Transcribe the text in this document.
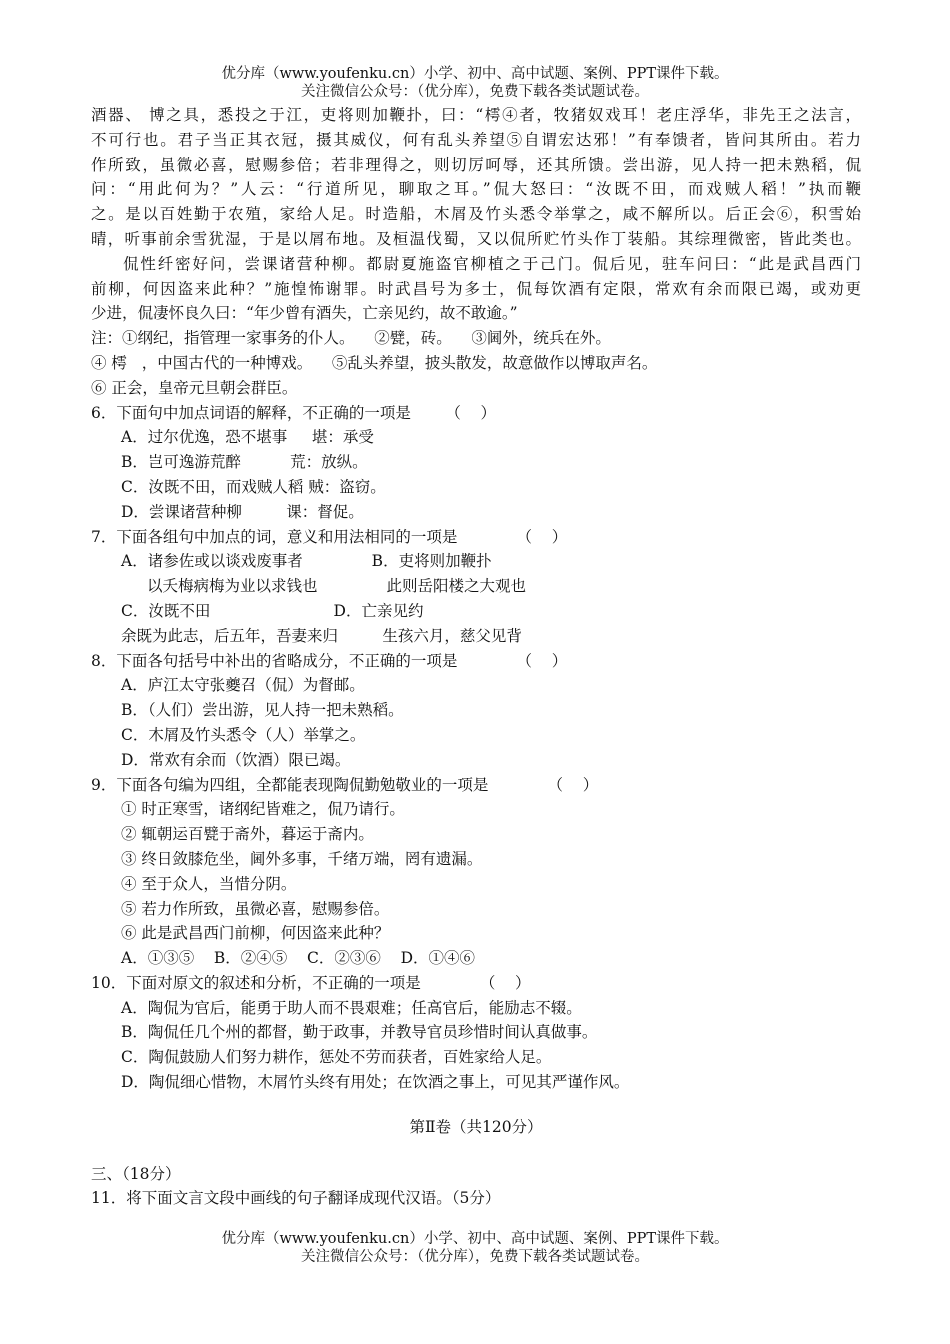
优分库（www.youfenku.cn）小学、初中、高中试题、案例、PPT课件下载。
关注微信公众号：（优分库），免费下载各类试题试卷。

酒器、 博之具，悉投之于江，吏将则加鞭扑，曰：“樗④者，牧猪奴戏耳！老庄浮华，非先王之法言，

不可行也。君子当正其衣冠，摄其威仪，何有乱头养望⑤自谓宏达邪！”有奉馈者，皆问其所由。若力

作所致，虽微必喜，慰赐参倍；若非理得之，则切厉呵辱，还其所馈。尝出游，见人持一把未熟稻，侃

问：“用此何为？”人云：“行道所见，聊取之耳。”侃大怒曰：“汝既不田，而戏贼人稻！”执而鞭

之。是以百姓勤于农殖，家给人足。时造船，木屑及竹头悉令举掌之，咸不解所以。后正会⑥，积雪始

晴，听事前余雪犹湿，于是以屑布地。及桓温伐蜀，又以侃所贮竹头作丁装船。其综理微密，皆此类也。

侃性纤密好问，尝课诸营种柳。都尉夏施盗官柳植之于己门。侃后见，驻车问曰：“此是武昌西门

前柳，何因盗来此种？”施惶怖谢罪。时武昌号为多士，侃每饮酒有定限，常欢有余而限已竭，或劝更

少进，侃凄怀良久曰：“年少曾有酒失，亡亲见约，故不敢逾。”

注：①纲纪，指管理一家事务的仆人。    ②甓，砖。    ③阃外，统兵在外。

④ 樗   ，中国古代的一种博戏。    ⑤乱头养望，披头散发，故意做作以博取声名。

⑥ 正会，皇帝元旦朝会群臣。

6．下面句中加点词语的解释，不正确的一项是       （    ）

A．过尔优逸，恐不堪事     堪：承受

B．岂可逸游荒醉          荒：放纵。

C．汝既不田，而戏贼人稻 贼：盗窃。

D．尝课诸营种柳         课：督促。

7．下面各组句中加点的词，意义和用法相同的一项是            （    ）

A．诸参佐或以谈戏废事者              B．吏将则加鞭扑

以夭梅病梅为业以求钱也              此则岳阳楼之大观也

C．汝既不田                         D．亡亲见约

余既为此志，后五年，吾妻来归         生孩六月，慈父见背

8．下面各句括号中补出的省略成分，不正确的一项是            （    ）

A．庐江太守张夔召（侃）为督邮。

B．（人们）尝出游，见人持一把未熟稻。

C．木屑及竹头悉令（人）举掌之。

D．常欢有余而（饮酒）限已竭。

9．下面各句编为四组，全都能表现陶侃勤勉敬业的一项是            （    ）

① 时正寒雪，诸纲纪皆难之，侃乃请行。

② 辄朝运百甓于斋外，暮运于斋内。

③ 终日敛膝危坐，阃外多事，千绪万端，罔有遗漏。

④ 至于众人，当惜分阴。

⑤ 若力作所致，虽微必喜，慰赐参倍。

⑥ 此是武昌西门前柳，何因盗来此种？

A．①③⑤    B．②④⑤    C．②③⑥    D．①④⑥

10．下面对原文的叙述和分析，不正确的一项是            （    ）

A．陶侃为官后，能勇于助人而不畏艰难；任高官后，能励志不辍。

B．陶侃任几个州的都督，勤于政事，并教导官员珍惜时间认真做事。

C．陶侃鼓励人们努力耕作，惩处不劳而获者，百姓家给人足。

D．陶侃细心惜物，木屑竹头终有用处；在饮酒之事上，可见其严谨作风。

第Ⅱ卷（共120分）

三、（18分）

11．将下面文言文段中画线的句子翻译成现代汉语。（5分）

优分库（www.youfenku.cn）小学、初中、高中试题、案例、PPT课件下载。
关注微信公众号：（优分库），免费下载各类试题试卷。
